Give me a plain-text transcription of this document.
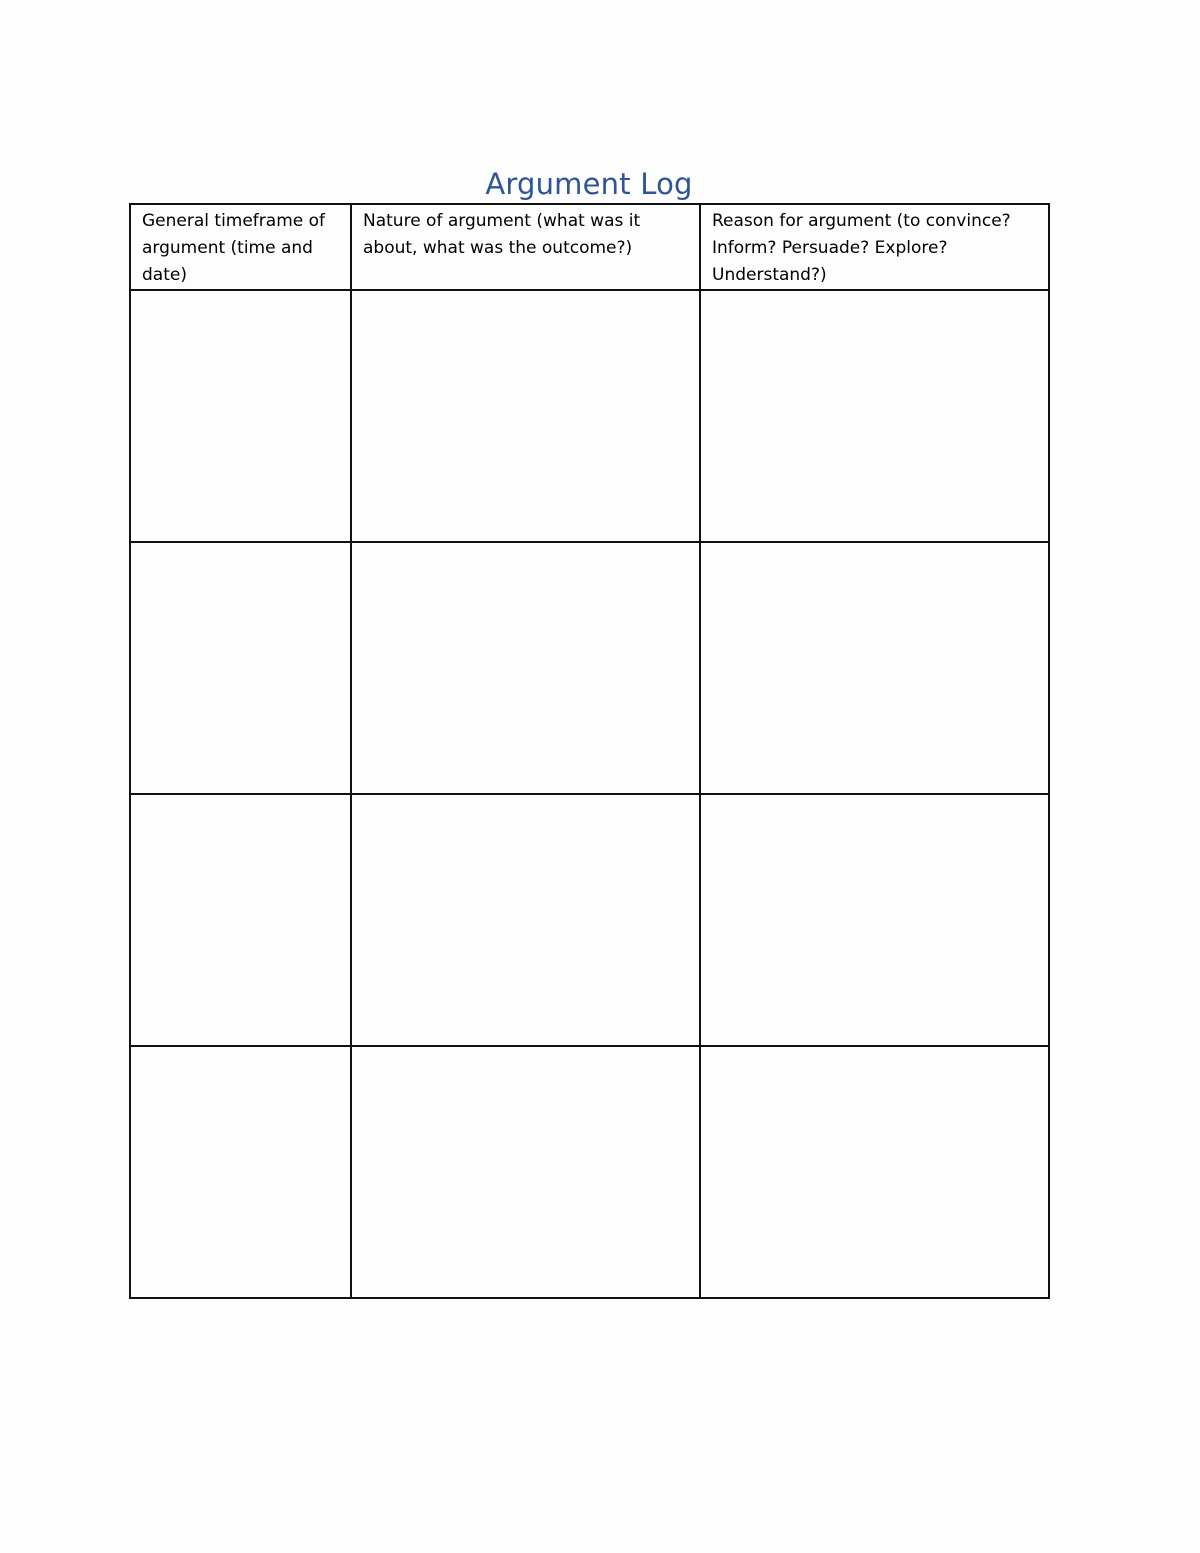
Argument Log
General timeframe of argument (time and date)	Nature of argument (what was it about, what was the outcome?)	Reason for argument (to convince? Inform? Persuade? Explore? Understand?)
